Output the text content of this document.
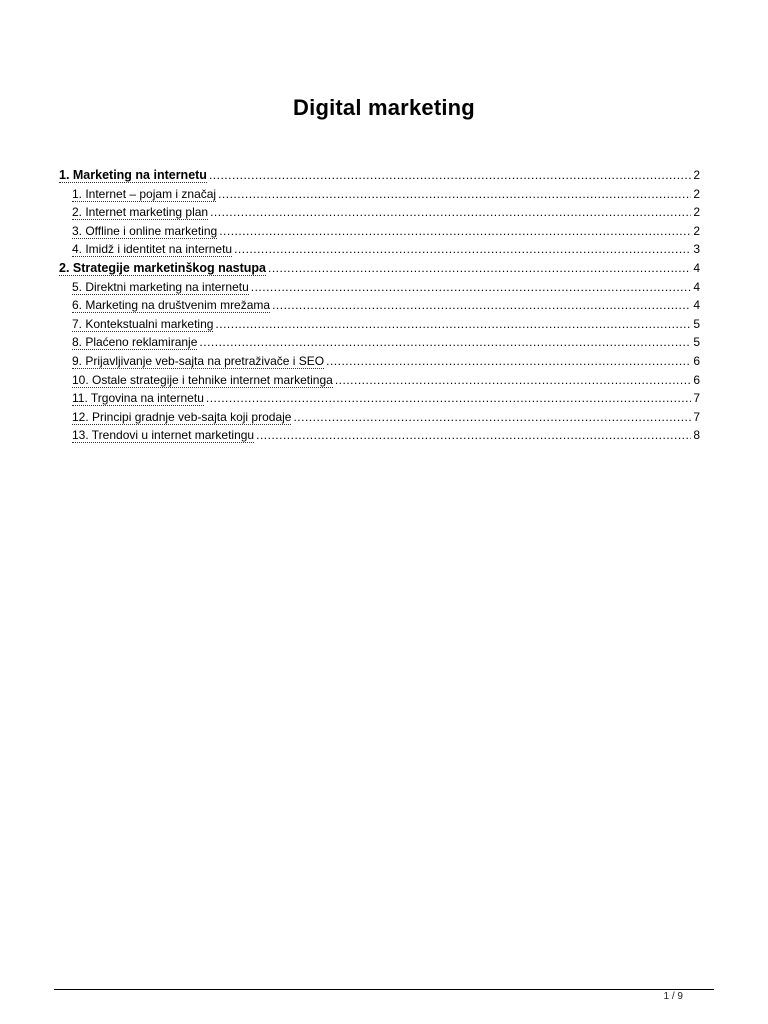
Digital marketing
1. Marketing na internetu .....	2
1. Internet – pojam i značaj .....	2
2. Internet marketing plan .....	2
3. Offline i online marketing .....	2
4. Imidž i identitet na internetu .....	3
2. Strategije marketinškog nastupa .....	4
5. Direktni marketing na internetu .....	4
6. Marketing na društvenim mrežama .....	4
7. Kontekstualni marketing .....	5
8. Plaćeno reklamiranje .....	5
9. Prijavljivanje veb-sajta na pretraživače i SEO .....	6
10. Ostale strategije i tehnike internet marketinga .....	6
11. Trgovina na internetu .....	7
12. Principi gradnje veb-sajta koji prodaje .....	7
13. Trendovi u internet marketingu .....	8
1 / 9
